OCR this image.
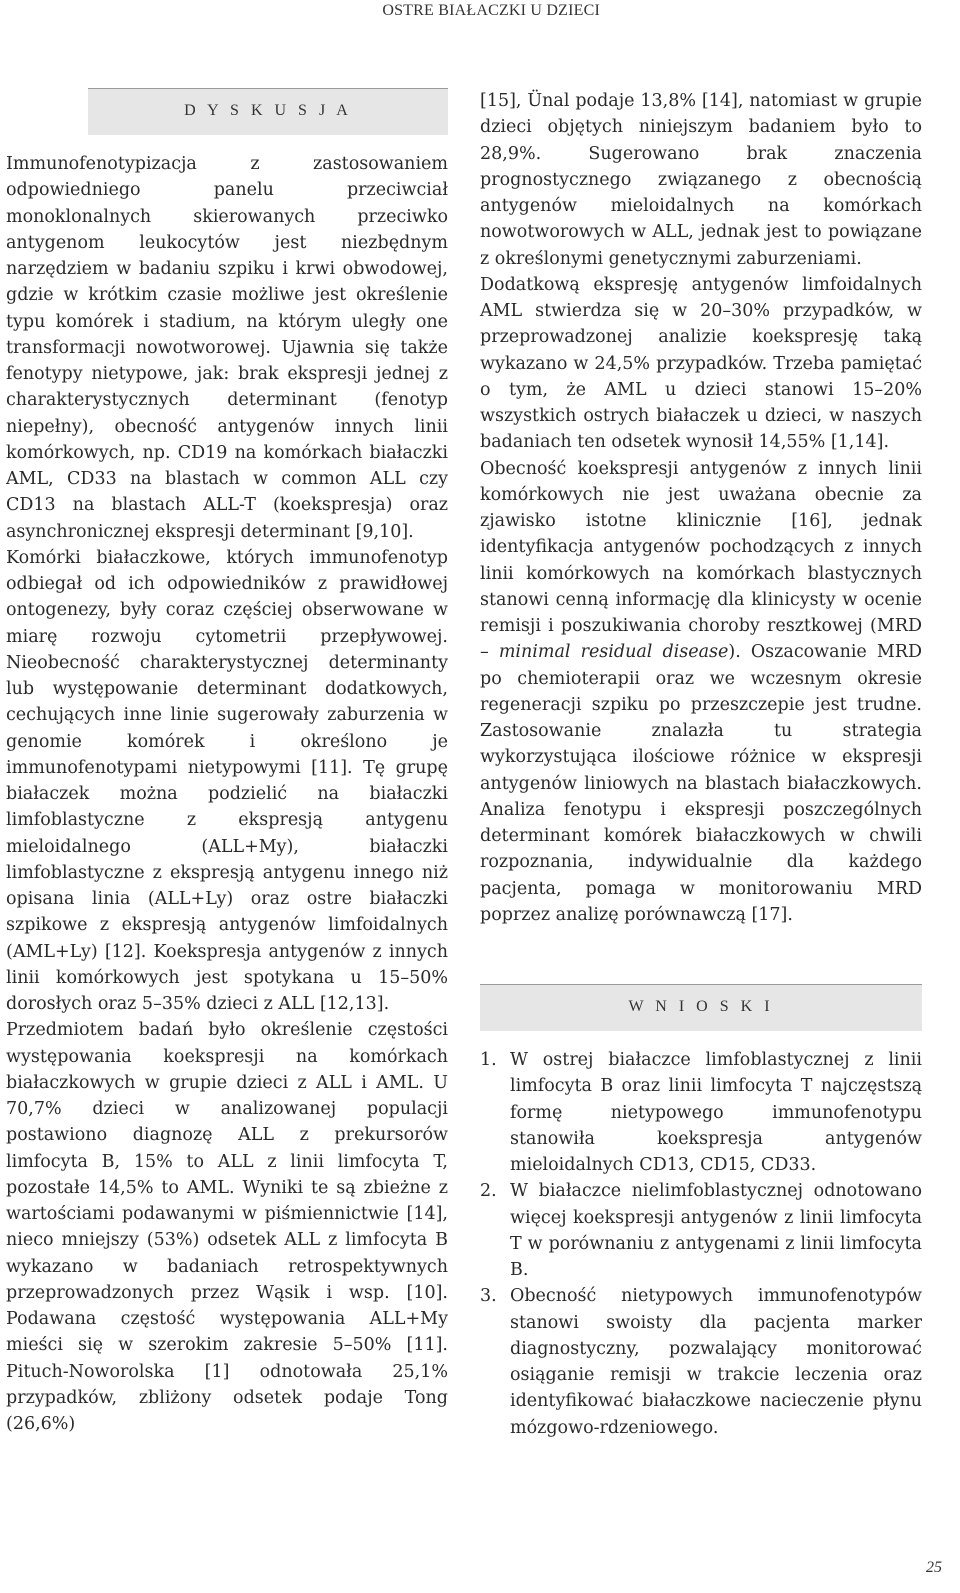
OSTRE BIAŁACZKI U DZIECI
D Y S K U S J A
Immunofenotypizacja z zastosowaniem odpowiedniego panelu przeciwciał monoklonalnych skierowanych przeciwko antygenom leukocytów jest niezbędnym narzędziem w badaniu szpiku i krwi obwodowej, gdzie w krótkim czasie możliwe jest określenie typu komórek i stadium, na którym uległy one transformacji nowotworowej. Ujawnia się także fenotypy nietypowe, jak: brak ekspresji jednej z charakterystycznych determinant (fenotyp niepełny), obecność antygenów innych linii komórkowych, np. CD19 na komórkach białaczki AML, CD33 na blastach w common ALL czy CD13 na blastach ALL-T (koekspresja) oraz asynchronicznej ekspresji determinant [9,10].
Komórki białaczkowe, których immunofenotyp odbiegał od ich odpowiedników z prawidłowej ontogenezy, były coraz częściej obserwowane w miarę rozwoju cytometrii przepływowej. Nieobecność charakterystycznej determinanty lub występowanie determinant dodatkowych, cechujących inne linie sugerowały zaburzenia w genomie komórek i określono je immunofenotypami nietypowymi [11]. Tę grupę białaczek można podzielić na białaczki limfoblastyczne z ekspresją antygenu mieloidalnego (ALL+My), białaczki limfoblastyczne z ekspresją antygenu innego niż opisana linia (ALL+Ly) oraz ostre białaczki szpikowe z ekspresją antygenów limfoidalnych (AML+Ly) [12]. Koekspresja antygenów z innych linii komórkowych jest spotykana u 15–50% dorosłych oraz 5–35% dzieci z ALL [12,13].
Przedmiotem badań było określenie częstości występowania koekspresji na komórkach białaczkowych w grupie dzieci z ALL i AML. U 70,7% dzieci w analizowanej populacji postawiono diagnozę ALL z prekursorów limfocyta B, 15% to ALL z linii limfocyta T, pozostałe 14,5% to AML. Wyniki te są zbieżne z wartościami podawanymi w piśmiennictwie [14], nieco mniejszy (53%) odsetek ALL z limfocyta B wykazano w badaniach retrospektywnych przeprowadzonych przez Wąsik i wsp. [10]. Podawana częstość występowania ALL+My mieści się w szerokim zakresie 5–50% [11]. Pituch-Noworolska [1] odnotowała 25,1% przypadków, zbliżony odsetek podaje Tong (26,6%)
[15], Ünal podaje 13,8% [14], natomiast w grupie dzieci objętych niniejszym badaniem było to 28,9%. Sugerowano brak znaczenia prognostycznego związanego z obecnością antygenów mieloidalnych na komórkach nowotworowych w ALL, jednak jest to powiązane z określonymi genetycznymi zaburzeniami.
Dodatkową ekspresję antygenów limfoidalnych AML stwierdza się w 20–30% przypadków, w przeprowadzonej analizie koekspresję taką wykazano w 24,5% przypadków. Trzeba pamiętać o tym, że AML u dzieci stanowi 15–20% wszystkich ostrych białaczek u dzieci, w naszych badaniach ten odsetek wynosił 14,55% [1,14].
Obecność koekspresji antygenów z innych linii komórkowych nie jest uważana obecnie za zjawisko istotne klinicznie [16], jednak identyfikacja antygenów pochodzących z innych linii komórkowych na komórkach blastycznych stanowi cenną informację dla klinicysty w ocenie remisji i poszukiwania choroby resztkowej (MRD – minimal residual disease). Oszacowanie MRD po chemioterapii oraz we wczesnym okresie regeneracji szpiku po przeszczepie jest trudne. Zastosowanie znalazła tu strategia wykorzystująca ilościowe różnice w ekspresji antygenów liniowych na blastach białaczkowych. Analiza fenotypu i ekspresji poszczególnych determinant komórek białaczkowych w chwili rozpoznania, indywidualnie dla każdego pacjenta, pomaga w monitorowaniu MRD poprzez analizę porównawczą [17].
W N I O S K I
1. W ostrej białaczce limfoblastycznej z linii limfocyta B oraz linii limfocyta T najczęstszą formę nietypowego immunofenotypu stanowiła koekspresja antygenów mieloidalnych CD13, CD15, CD33.
2. W białaczce nielimfoblastycznej odnotowano więcej koekspresji antygenów z linii limfocyta T w porównaniu z antygenami z linii limfocyta B.
3. Obecność nietypowych immunofenotypów stanowi swoisty dla pacjenta marker diagnostyczny, pozwalający monitorować osiąganie remisji w trakcie leczenia oraz identyfikować białaczkowe nacieczenie płynu mózgowo-rdzeniowego.
25
